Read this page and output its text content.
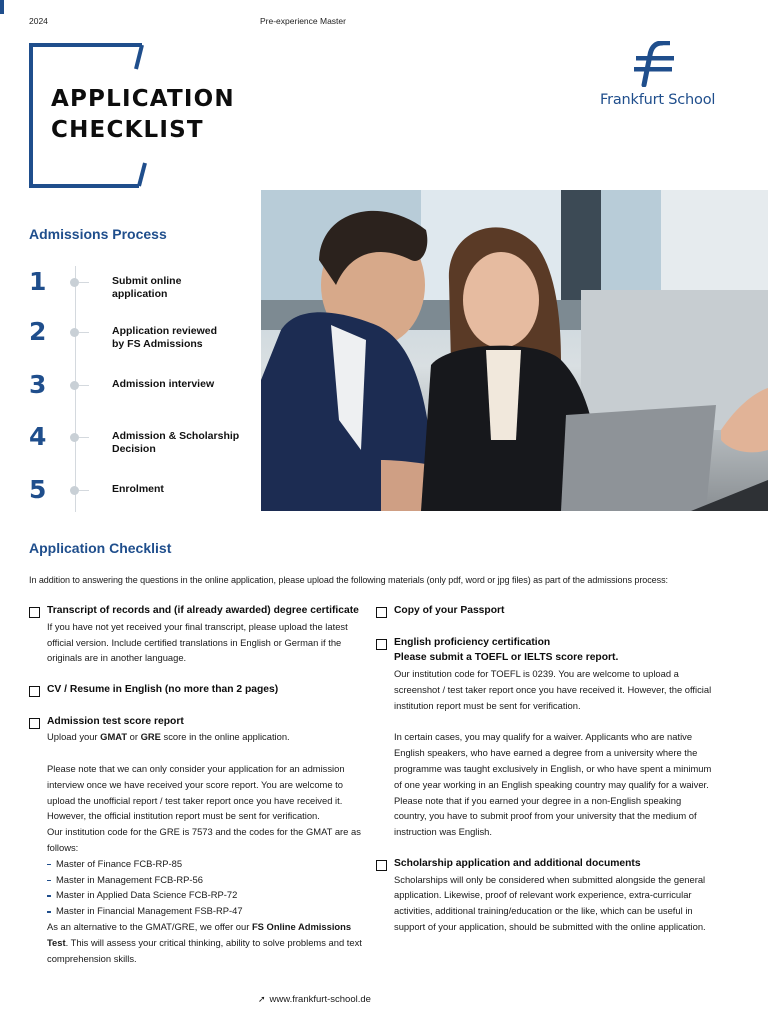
2024	Pre-experience Master
APPLICATION
CHECKLIST
Frankfurt School
Admissions Process
1	Submit online
application
2	Application reviewed
by FS Admissions
3	Admission interview
4	Admission & Scholarship
Decision
5	Enrolment
Application Checklist
In addition to answering the questions in the online application, please upload the following materials (only pdf, word or jpg files) as part of the admissions process:
Transcript of records and (if already awarded) degree certificate
If you have not yet received your final transcript, please upload the latest official version. Include certified translations in English or German if the originals are in another language.
CV / Resume in English (no more than 2 pages)
Admission test score report
Upload your GMAT or GRE score in the online application.
Please note that we can only consider your application for an admission interview once we have received your score report. You are welcome to upload the unofficial report / test taker report once you have received it. However, the official institution report must be sent for verification.
Our institution code for the GRE is 7573 and the codes for the GMAT are as follows:
Master of Finance FCB-RP-85
Master in Management FCB-RP-56
Master in Applied Data Science FCB-RP-72
Master in Financial Management FSB-RP-47
As an alternative to the GMAT/GRE, we offer our FS Online Admissions Test. This will assess your critical thinking, ability to solve problems and text comprehension skills.
Copy of your Passport
English proficiency certification
Please submit a TOEFL or IELTS score report.
Our institution code for TOEFL is 0239. You are welcome to upload a screenshot / test taker report once you have received it. However, the official institution report must be sent for verification.
In certain cases, you may qualify for a waiver. Applicants who are native English speakers, who have earned a degree from a university where the programme was taught exclusively in English, or who have spent a minimum of one year working in an English speaking country may qualify for a waiver. Please note that if you earned your degree in a non-English speaking country, you have to submit proof from your university that the medium of instruction was English.
Scholarship application and additional documents
Scholarships will only be considered when submitted alongside the general application. Likewise, proof of relevant work experience, extra-curricular activities, additional training/education or the like, which can be useful in support of your application, should be submitted with the online application.
➚ www.frankfurt-school.de
